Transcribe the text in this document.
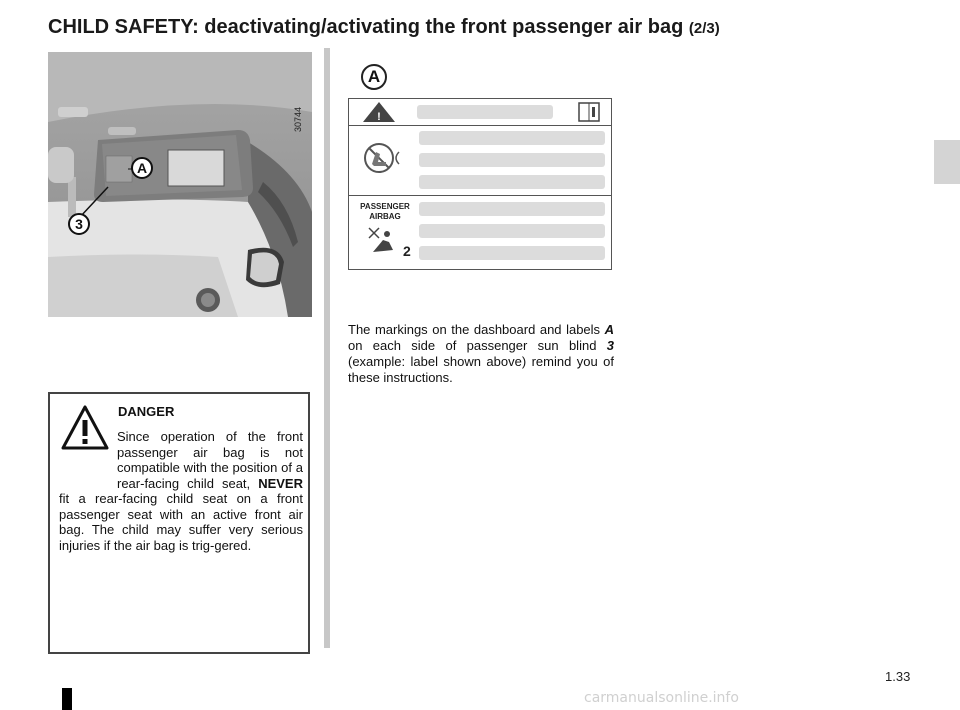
CHILD SAFETY: deactivating/activating the front passenger air bag (2/3)
A
3
30744
A
!
PASSENGER AIRBAG
2
The markings on the dashboard and labels A on each side of passenger sun blind 3 (example: label shown above) remind you of these instructions.
DANGER
Since operation of the front passenger air bag is not compatible with the position of a rear-facing child seat, NEVER fit a rear-facing child seat on a front passenger seat with an active front air bag. The child may suffer very serious injuries if the air bag is trig-gered.
1.33
carmanualsonline.info
